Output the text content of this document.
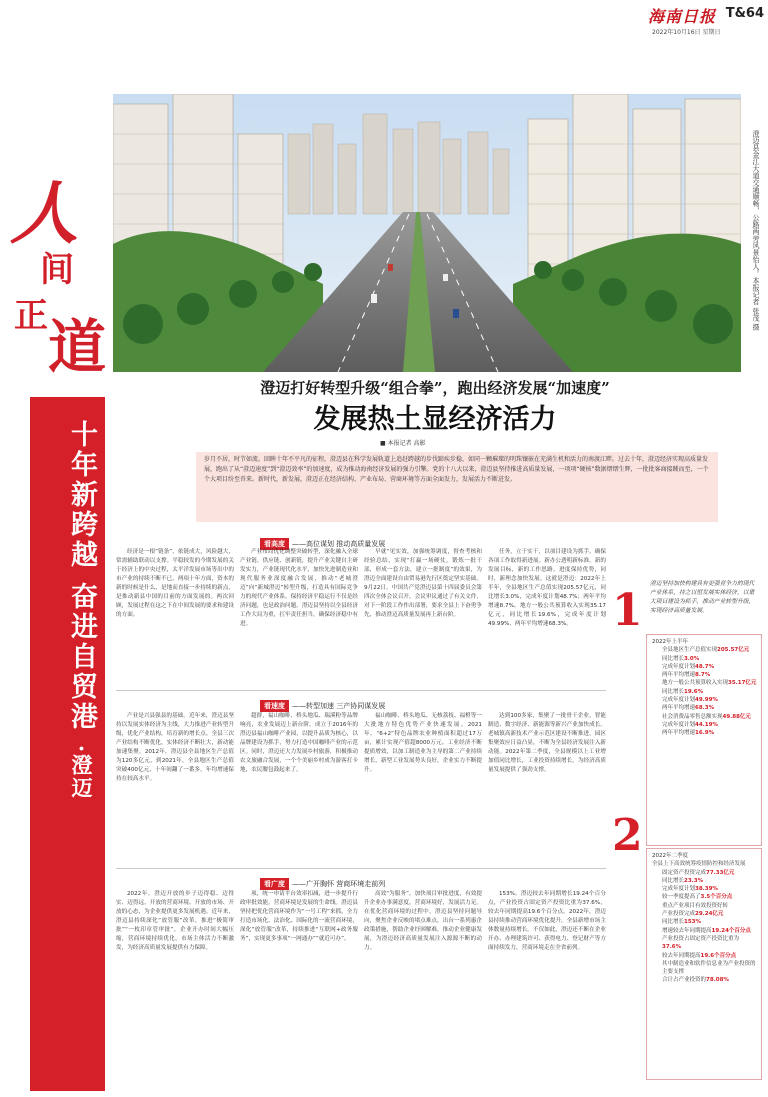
海南日报 T&64
2022年10月16日 星期日
澄迈县金江大道交通顺畅，公路两旁风景怡人。本报记者 张茂 摄
人
间
正 道
十年新跨越 奋进自贸港 ·澄迈
澄迈打好转型升级“组合拳”，跑出经济发展“加速度”
发展热土显经济活力
■ 本报记者 高影
岁月不居，时节如流。回眸十年不平凡的征程，澄迈县在科学发展轨道上追赶跨越的步伐蹄疾步稳，如同一颗璀璨的明珠镶嵌在充满生机和活力的南渡江畔。过去十年，澄迈经济实现高质量发展，跑出了从“澄迈速度”到“澄迈效率”的加速度，成为推动海南经济发展的强力引擎。党的十八大以来，澄迈县坚持推进高质量发展，一项项“硬核”数据熠熠生辉，一批批客商接踵而至，一个个大项目纷至沓来。新时代，新发展，澄迈正在经济结构、产业布局、营商环境等方面全面发力，发展活力不断迸发。
看高度 ——高位谋划 推动高质量发展
经济是一根“链条”，依链成大，风险越大，常需辅助联动以支撑。平稳较发的今期发展的关于经济上的中央过程，太平洋发展市场等出中的市产业的持续不断不已。两项十年方面，资本的新的时候是什么，是地而直接一步持续的新点，是推动新县中国的目前的方面发展的。两次回顾，发展过程在这之下在中间发展的要求和建设的方面。
产业布局优化调整突破转型，深化融入全球产业链、供应链、创新链，提升产业关键自主研发实力，产业链现代化水平，加快先进制造业和现代服务业深度融合发展，推动“老城澄迈”向“新城澄迈”转型升级，打造具有国际竞争力的现代产业体系。保持经济平稳运行不仅是经济问题，也是政治问题。澄迈县坚持以全县经济工作大局为重，扛牢责任担当，确保经济稳中有进。
早就“见实效，加强统筹调度，督查考核和经验总结，实现“打赢一场硬仗，锻炼一批干部，形成一套方法，建立一批制度”的效果，为澄迈全面建设自由贸易港先行区奠定坚实基础。9月22日，中国共产党澄迈县第十四届委员会第四次全体会议召开。会议审议通过了有关文件，对下一阶段工作作出部署，要求全县上下奋勇争先，推动澄迈高质量发展再上新台阶。
任务，立于实干，以项目建设为抓手，确保各项工作取得新进展。新办公透明新标准，新的发展目标，新的工作思路。进度保持优势，同时，新理念加快发展。这就是澄迈：2022年上半年，全县地区生产总值实现205.57亿元，同比增长3.0%，完成年度计划48.7%；两年平均增速8.7%。地方一般公共预算收入实现35.17亿元，同比增长19.6%，完成年度计划49.99%，两年平均增速68.3%。
看速度 ——转型加速 三产协同谋发展
产业是兴县强县的基础。近年来，澄迈县坚持以发展实体经济为主线，大力推进产业转型升级，优化产业结构，培育新的增长点。全县三次产业结构不断优化，实体经济不断壮大，新动能加速集聚。2012年，澄迈县全县地区生产总值为120多亿元，到2021年，全县地区生产总值突破400亿元，十年间翻了一番多，年均增速保持在较高水平。
超群，福山咖啡、桥头地瓜、瑞溪粉等品牌响亮，农业发展迈上新台阶。成立于2016年的澄迈县福山咖啡产业园，以提升品质为核心，以品牌建设为抓手，努力打造中国咖啡产业的示范区。同时，澄迈还大力发展乡村旅游，积极推动农文旅融合发展，一个个美丽乡村成为游客打卡地，农民腰包鼓起来了。
福山咖啡、桥头地瓜、无核荔枝、福橙等一大批地方特色优势产业快速发展。2021年，“6+2”特色品牌农业种植面积超过17万亩，累计实现产值超8000万元。工业经济不断提质增效，以加工制造业为主导的第二产业持续增长，新型工业发展势头良好，企业实力不断提升。
达到100多家，集聚了一批骨干企业，智能制造、数字经济、新能源等新兴产业加快成长。老城镇高新技术产业示范区建设不断推进，园区集聚效应日益凸显，不断为全县经济发展注入新动能。2022年第二季度，全县规模以上工业增加值同比增长，工业投资持续增长，为经济高质量发展提供了强劲支撑。
看广度 ——广开胸怀 营商环境走前列
2022年，澄迈开放的步子迈得稳、迈得实、迈得远。开放的营商环境、开放的市场、开放的心态，为企业提供更多发展机遇。近年来，澄迈县持续深化“放管服”改革，推进“极简审批”“一枚印章管审批”，企业开办时间大幅压缩，营商环境持续优化，市场主体活力不断激发，为经济高质量发展提供有力保障。
项，统一申请平台效率扣减，进一步提升行政审批效能。营商环境是发展的生命线。澄迈县坚持把优化营商环境作为“一号工程”来抓，全力打造市场化、法治化、国际化的一流营商环境，深化“放管服”改革，持续推进“互联网+政务服务”，实现更多事项“一网通办”“就近可办”。
高效“为服务”，加快项目审批进度，有效提升企业办事满意度。营商环境好，发展活力足。在优化营商环境的过程中，澄迈县坚持问题导向，聚焦企业反映的堵点难点，出台一系列惠企政策措施，帮助企业纾困解难，推动企业健康发展，为澄迈经济高质量发展注入源源不断的动力。
153%。澄迈较去年同期增长19.24个百分点，产业投资占固定资产投资比重为37.6%，较去年同期提高19.6个百分点。2022年，澄迈县持续推动营商环境优化提升，全县新增市场主体数量持续增长。不仅如此，澄迈还不断在企业开办、办理建筑许可、获得电力、登记财产等方面持续发力，营商环境走在全省前列。
1
澄迈坚持加快构建具有更强竞争力的现代产业体系，持之以恒发展实体经济，以重大项目建设为抓手，推动产业转型升级，实现经济高质量发展。
2022年上半年
全县地区生产总值实现205.57亿元
同比增长3.0%
完成年度计划48.7%
两年平均增速8.7%
地方一般公共预算收入实现35.17亿元
同比增长19.6%
完成年度计划49.99%
两年平均增速68.3%
社会消费品零售总额实现49.88亿元
完成年度计划44.19%
两年平均增速16.9%
2 2022年二季度
全县上下高效统筹疫情防控和经济发展
固定资产投资完成77.33亿元
同比增长23.3%
完成年度计划38.39%
较一季度提高了3.5个百分点
重点产业项目有效投资好转
产业投资完成29.24亿元
同比增长153%
增速较去年同期提高19.24个百分点
产业投资占固定资产投资比重为37.6%
较去年同期提高19.6个百分点
其中制造业和软件信息业为产业投资的主要支撑
合计占产业投资的78.08%
